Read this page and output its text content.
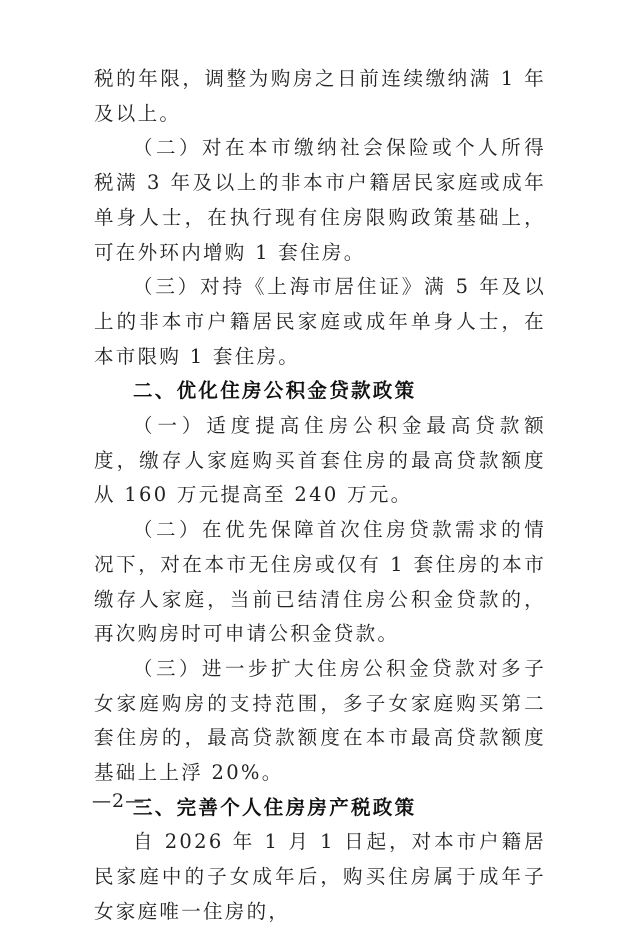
税的年限，调整为购房之日前连续缴纳满 1 年及以上。

（二）对在本市缴纳社会保险或个人所得税满 3 年及以上的非本市户籍居民家庭或成年单身人士，在执行现有住房限购政策基础上，可在外环内增购 1 套住房。

（三）对持《上海市居住证》满 5 年及以上的非本市户籍居民家庭或成年单身人士，在本市限购 1 套住房。

二、优化住房公积金贷款政策

（一）适度提高住房公积金最高贷款额度，缴存人家庭购买首套住房的最高贷款额度从 160 万元提高至 240 万元。

（二）在优先保障首次住房贷款需求的情况下，对在本市无住房或仅有 1 套住房的本市缴存人家庭，当前已结清住房公积金贷款的，再次购房时可申请公积金贷款。

（三）进一步扩大住房公积金贷款对多子女家庭购房的支持范围，多子女家庭购买第二套住房的，最高贷款额度在本市最高贷款额度基础上上浮 20%。

三、完善个人住房房产税政策

自 2026 年 1 月 1 日起，对本市户籍居民家庭中的子女成年后，购买住房属于成年子女家庭唯一住房的，

—2—
